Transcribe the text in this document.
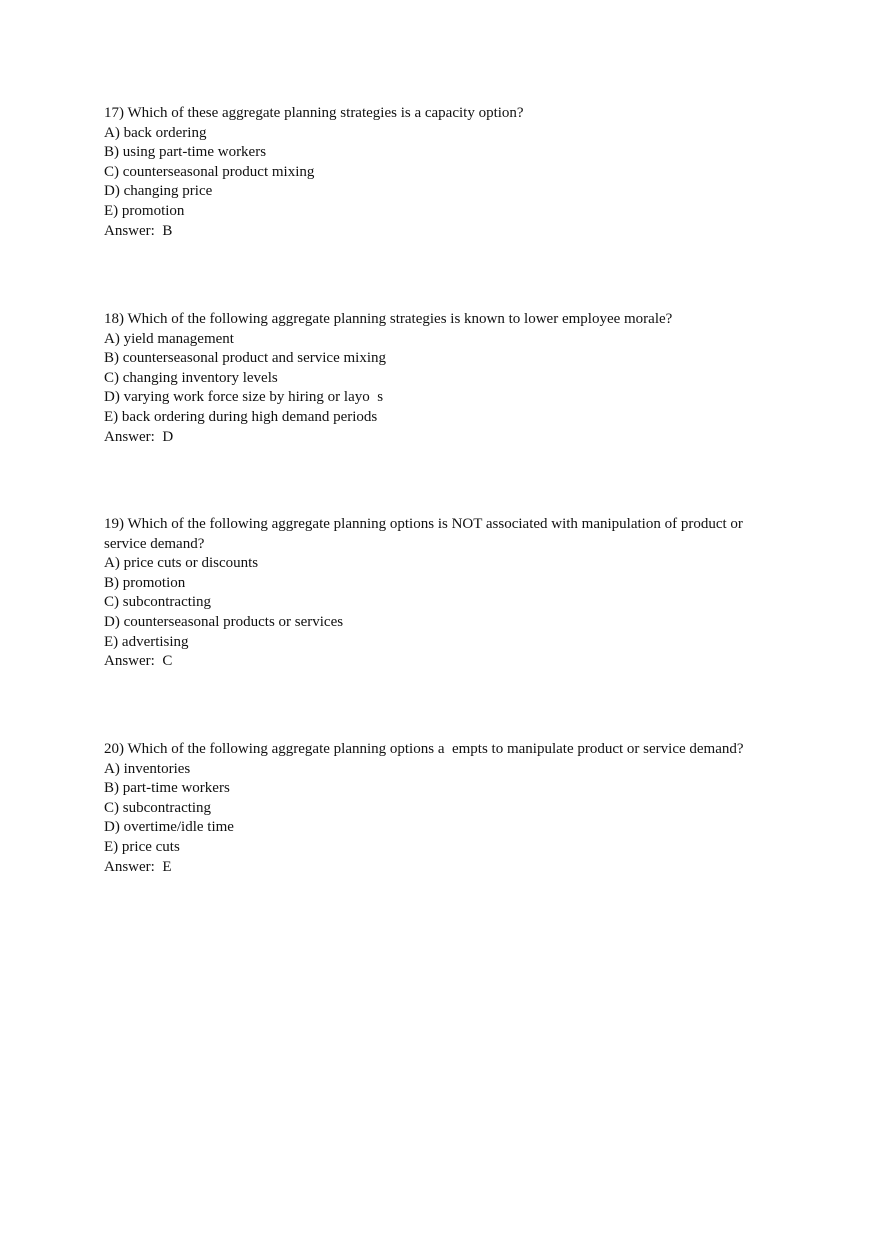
17) Which of these aggregate planning strategies is a capacity option?
A) back ordering
B) using part-time workers
C) counterseasonal product mixing
D) changing price
E) promotion
Answer:  B
18) Which of the following aggregate planning strategies is known to lower employee morale?
A) yield management
B) counterseasonal product and service mixing
C) changing inventory levels
D) varying work force size by hiring or layo  s
E) back ordering during high demand periods
Answer:  D
19) Which of the following aggregate planning options is NOT associated with manipulation of product or service demand?
A) price cuts or discounts
B) promotion
C) subcontracting
D) counterseasonal products or services
E) advertising
Answer:  C
20) Which of the following aggregate planning options a  empts to manipulate product or service demand?
A) inventories
B) part-time workers
C) subcontracting
D) overtime/idle time
E) price cuts
Answer:  E
